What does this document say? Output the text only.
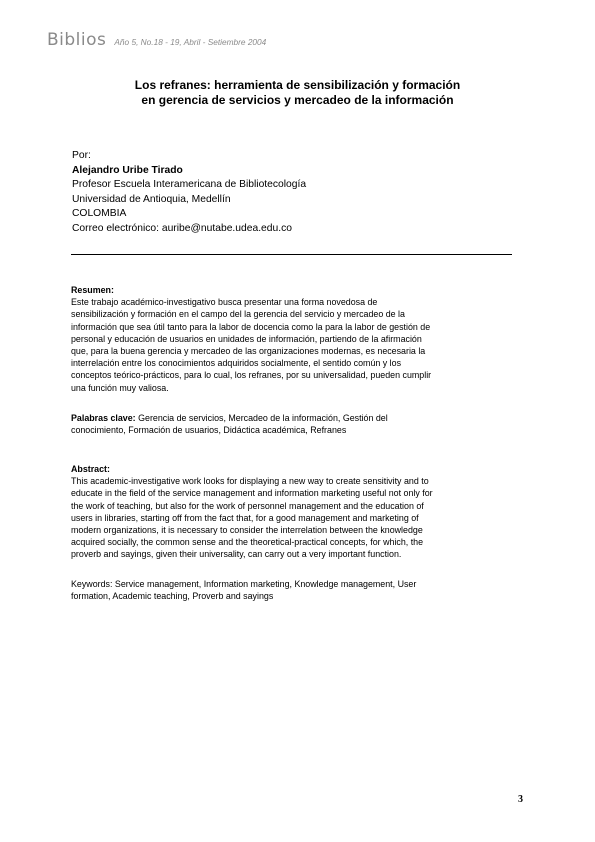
Biblios Año 5, No.18 - 19, Abril - Setiembre 2004
Los refranes: herramienta de sensibilización y formación
en gerencia de servicios y mercadeo de la información
Por:
Alejandro Uribe Tirado
Profesor Escuela Interamericana de Bibliotecología
Universidad de Antioquia, Medellín
COLOMBIA
Correo electrónico: auribe@nutabe.udea.edu.co
Resumen:
Este trabajo académico-investigativo busca presentar una forma novedosa de
sensibilización y formación en el campo del la gerencia del servicio y mercadeo de la
información que sea útil tanto para la labor de docencia como la para la labor de gestión de
personal y educación de usuarios en unidades de información, partiendo de la afirmación
que, para la buena gerencia y mercadeo de las organizaciones modernas, es necesaria la
interrelación entre los conocimientos adquiridos socialmente, el sentido común y los
conceptos teórico-prácticos, para lo cual, los refranes, por su universalidad, pueden cumplir
una función muy valiosa.
Palabras clave: Gerencia de servicios, Mercadeo de la información, Gestión del
conocimiento, Formación de usuarios, Didáctica académica, Refranes
Abstract:
This academic-investigative work looks for displaying a new way to create sensitivity and to
educate in the field of the service management and information marketing useful not only for
the work of teaching, but also for the work of personnel management and the education of
users in libraries, starting off from the fact that, for a good management and marketing of
modern organizations, it is necessary to consider the interrelation between the knowledge
acquired socially, the common sense and the theoretical-practical concepts, for which, the
proverb and sayings, given their universality, can carry out a very important function.
Keywords: Service management, Information marketing, Knowledge management, User
formation, Academic teaching, Proverb and sayings
3
